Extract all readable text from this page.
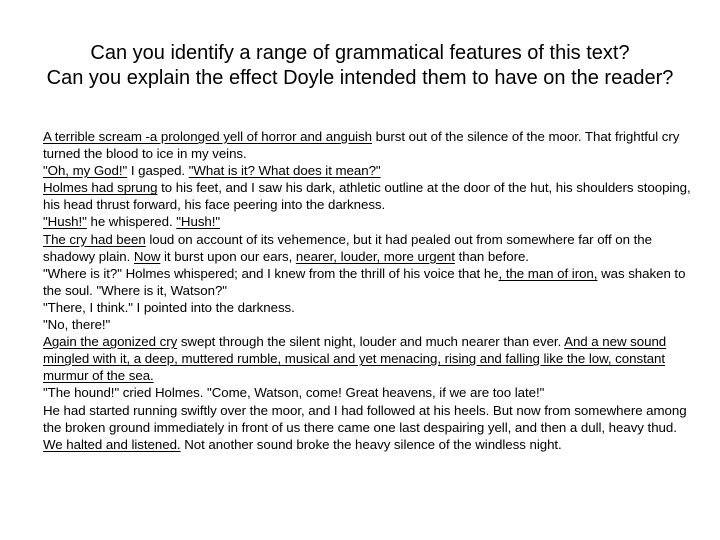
Can you identify a range of grammatical features of this text?
Can you explain the effect Doyle intended them to have on the reader?

A terrible scream -a prolonged yell of horror and anguish burst out of the silence of the moor. That frightful cry turned the blood to ice in my veins.

"Oh, my God!" I gasped. "What is it? What does it mean?"

Holmes had sprung to his feet, and I saw his dark, athletic outline at the door of the hut, his shoulders stooping, his head thrust forward, his face peering into the darkness.

"Hush!" he whispered. "Hush!"

The cry had been loud on account of its vehemence, but it had pealed out from somewhere far off on the shadowy plain. Now it burst upon our ears, nearer, louder, more urgent than before.

"Where is it?" Holmes whispered; and I knew from the thrill of his voice that he, the man of iron, was shaken to the soul. "Where is it, Watson?"

"There, I think." I pointed into the darkness.

"No, there!"

Again the agonized cry swept through the silent night, louder and much nearer than ever. And a new sound mingled with it, a deep, muttered rumble, musical and yet menacing, rising and falling like the low, constant murmur of the sea.

"The hound!" cried Holmes. "Come, Watson, come! Great heavens, if we are too late!"

He had started running swiftly over the moor, and I had followed at his heels. But now from somewhere among the broken ground immediately in front of us there came one last despairing yell, and then a dull, heavy thud. We halted and listened. Not another sound broke the heavy silence of the windless night.
